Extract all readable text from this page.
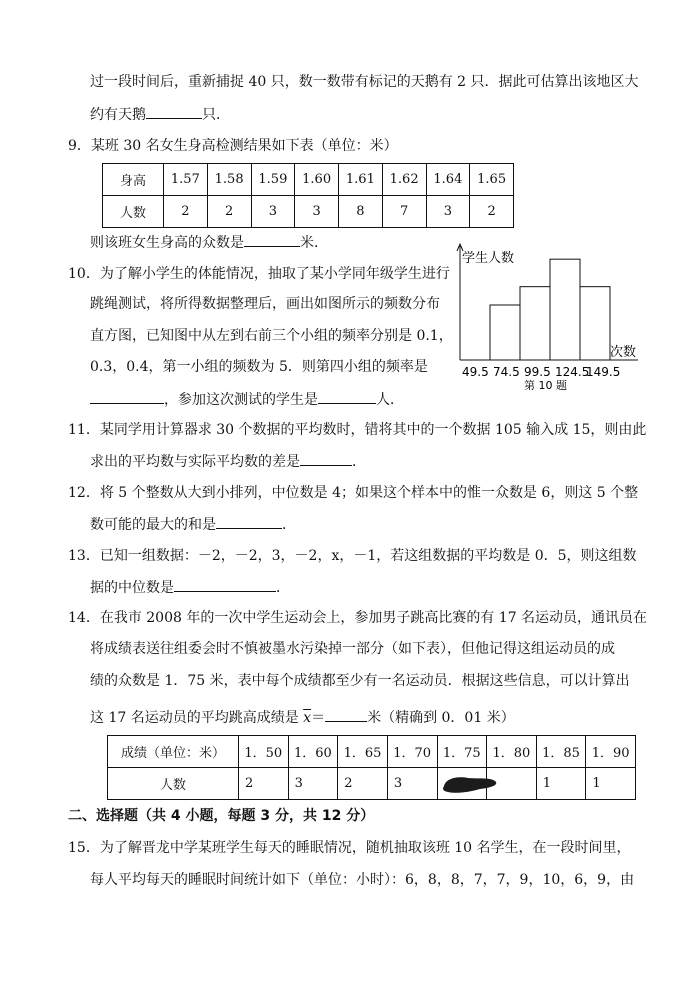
过一段时间后，重新捕捉 40 只，数一数带有标记的天鹅有 2 只．据此可估算出该地区大
约有天鹅	只．
9．某班 30 名女生身高检测结果如下表（单位：米）
身高	1.57	1.58	1.59	1.60	1.61	1.62	1.64	1.65
人数	2	2	3	3	8	7	3	2
则该班女生身高的众数是	米．
10．为了解小学生的体能情况，抽取了某小学同年级学生进行
跳绳测试，将所得数据整理后，画出如图所示的频数分布
直方图，已知图中从左到右前三个小组的频率分别是 0.1，
0.3，0.4，第一小组的频数为 5．则第四小组的频率是
，参加这次测试的学生是	人．
学生人数
次数
49.5 74.5 99.5 124.5
149.5
第 10 题
11．某同学用计算器求 30 个数据的平均数时，错将其中的一个数据 105 输入成 15，则由此
求出的平均数与实际平均数的差是	．
12．将 5 个整数从大到小排列，中位数是 4；如果这个样本中的惟一众数是 6，则这 5 个整
数可能的最大的和是	．
13．已知一组数据：－2，－2，3，－2，x，－1，若这组数据的平均数是 0．5，则这组数
据的中位数是	．
14．在我市 2008 年的一次中学生运动会上，参加男子跳高比赛的有 17 名运动员，通讯员在
将成绩表送往组委会时不慎被墨水污染掉一部分（如下表），但他记得这组运动员的成
绩的众数是 1．75 米，表中每个成绩都至少有一名运动员．根据这些信息，可以计算出
这 17 名运动员的平均跳高成绩是 $\overline{x}=$	米（精确到 0．01 米）
成绩（单位：米）	1．50	1．60	1．65	1．70	1．75	1．80	1．85	1．90
人数	2	3	2	3			1	1
二、选择题（共 4 小题，每题 3 分，共 12 分）
15．为了解晋龙中学某班学生每天的睡眠情况，随机抽取该班 10 名学生，在一段时间里，
每人平均每天的睡眠时间统计如下（单位：小时）：6，8，8，7，7，9，10，6，9，由
